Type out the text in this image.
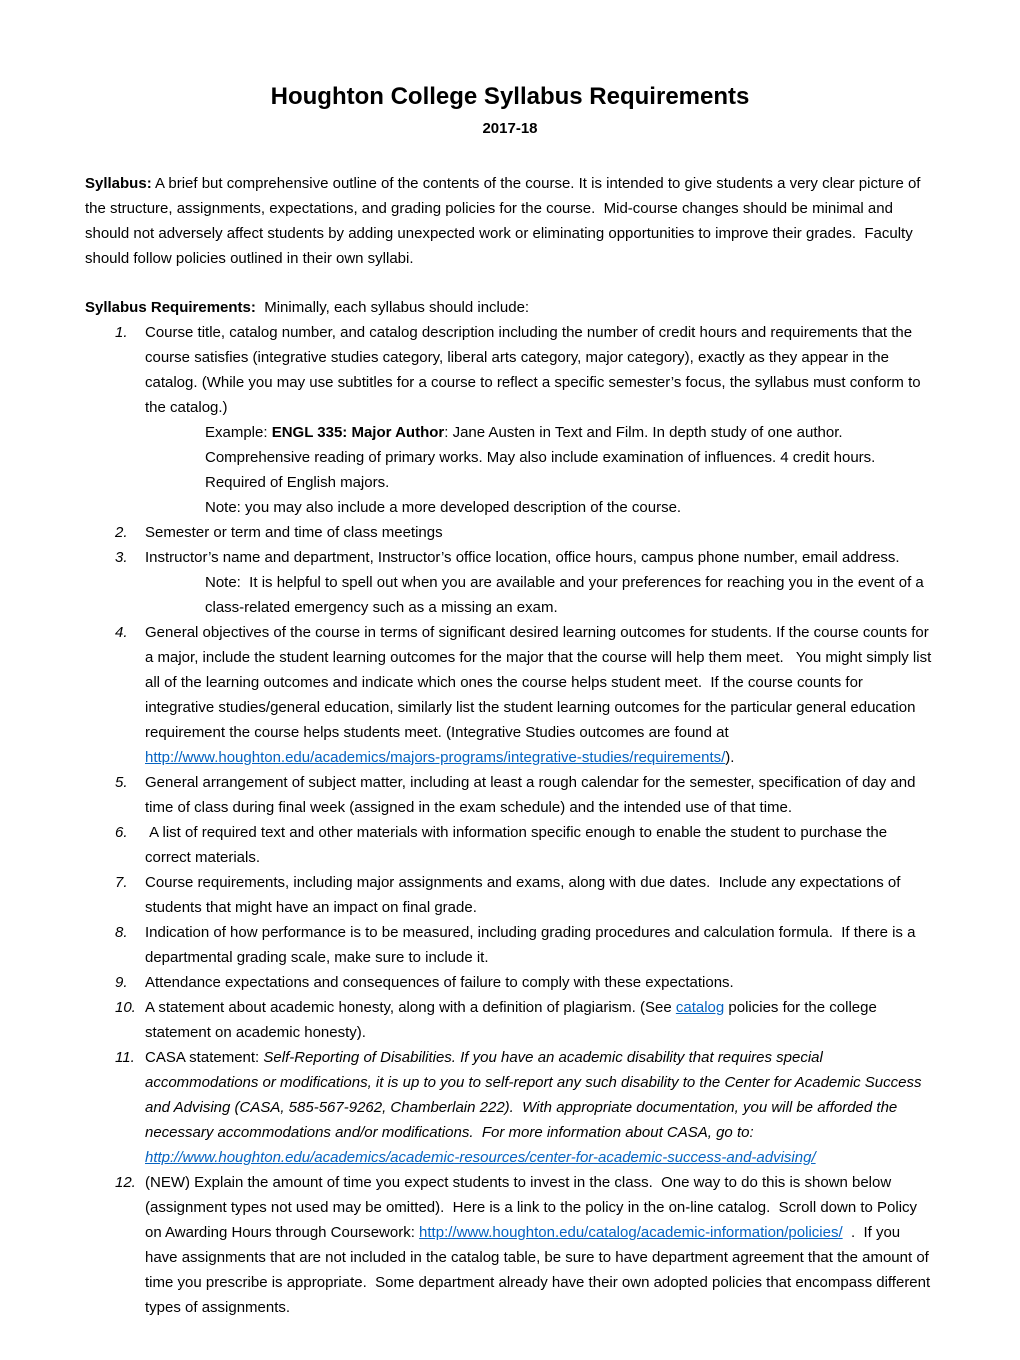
Houghton College Syllabus Requirements
2017-18

Syllabus: A brief but comprehensive outline of the contents of the course. It is intended to give students a very clear picture of the structure, assignments, expectations, and grading policies for the course.  Mid-course changes should be minimal and should not adversely affect students by adding unexpected work or eliminating opportunities to improve their grades.  Faculty should follow policies outlined in their own syllabi.

Syllabus Requirements:  Minimally, each syllabus should include:

1.	Course title, catalog number, and catalog description including the number of credit hours and requirements that the course satisfies (integrative studies category, liberal arts category, major category), exactly as they appear in the catalog. (While you may use subtitles for a course to reflect a specific semester’s focus, the syllabus must conform to the catalog.)
Example: ENGL 335: Major Author: Jane Austen in Text and Film. In depth study of one author. Comprehensive reading of primary works. May also include examination of influences. 4 credit hours. Required of English majors.
Note: you may also include a more developed description of the course.
2.	Semester or term and time of class meetings
3.	Instructor’s name and department, Instructor’s office location, office hours, campus phone number, email address.
Note:  It is helpful to spell out when you are available and your preferences for reaching you in the event of a class-related emergency such as a missing an exam.
4.	General objectives of the course in terms of significant desired learning outcomes for students. If the course counts for a major, include the student learning outcomes for the major that the course will help them meet.   You might simply list all of the learning outcomes and indicate which ones the course helps student meet.  If the course counts for integrative studies/general education, similarly list the student learning outcomes for the particular general education requirement the course helps students meet. (Integrative Studies outcomes are found at http://www.houghton.edu/academics/majors-programs/integrative-studies/requirements/).
5.	General arrangement of subject matter, including at least a rough calendar for the semester, specification of day and time of class during final week (assigned in the exam schedule) and the intended use of that time.
6.	A list of required text and other materials with information specific enough to enable the student to purchase the correct materials.
7.	Course requirements, including major assignments and exams, along with due dates.  Include any expectations of students that might have an impact on final grade.
8.	Indication of how performance is to be measured, including grading procedures and calculation formula.  If there is a departmental grading scale, make sure to include it.
9.	Attendance expectations and consequences of failure to comply with these expectations.
10. A statement about academic honesty, along with a definition of plagiarism. (See catalog policies for the college statement on academic honesty).
11. CASA statement: Self-Reporting of Disabilities. If you have an academic disability that requires special accommodations or modifications, it is up to you to self-report any such disability to the Center for Academic Success and Advising (CASA, 585-567-9262, Chamberlain 222).  With appropriate documentation, you will be afforded the necessary accommodations and/or modifications.  For more information about CASA, go to: http://www.houghton.edu/academics/academic-resources/center-for-academic-success-and-advising/
12. (NEW) Explain the amount of time you expect students to invest in the class.  One way to do this is shown below (assignment types not used may be omitted).  Here is a link to the policy in the on-line catalog.  Scroll down to Policy on Awarding Hours through Coursework: http://www.houghton.edu/catalog/academic-information/policies/  .  If you have assignments that are not included in the catalog table, be sure to have department agreement that the amount of time you prescribe is appropriate.  Some department already have their own adopted policies that encompass different types of assignments.
